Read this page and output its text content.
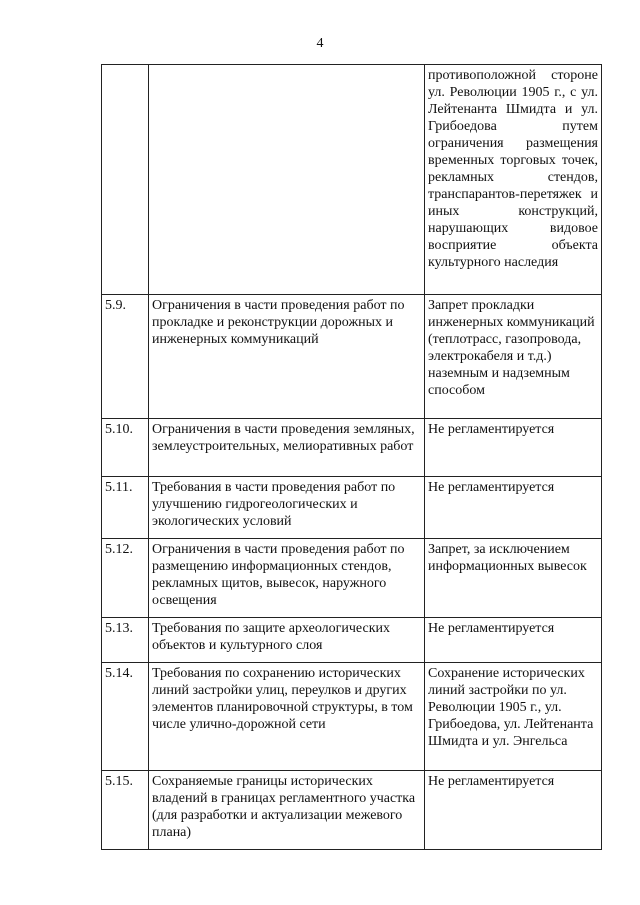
4
		противоположной стороне ул. Революции 1905 г., с ул. Лейтенанта Шмидта и ул. Грибоедова путем ограничения размещения временных торговых точек, рекламных стендов, транспарантов-перетяжек и иных конструкций, нарушающих видовое восприятие объекта культурного наследия
5.9.	Ограничения в части проведения работ по прокладке и реконструкции дорожных и инженерных коммуникаций	Запрет прокладки инженерных коммуникаций (теплотрасс, газопровода, электрокабеля и т.д.) наземным и надземным способом
5.10.	Ограничения в части проведения земляных, землеустроительных, мелиоративных работ	Не регламентируется
5.11.	Требования в части проведения работ по улучшению гидрогеологических и экологических условий	Не регламентируется
5.12.	Ограничения в части проведения работ по размещению информационных стендов, рекламных щитов, вывесок, наружного освещения	Запрет, за исключением информационных вывесок
5.13.	Требования по защите археологических объектов и культурного слоя	Не регламентируется
5.14.	Требования по сохранению исторических линий застройки улиц, переулков и других элементов планировочной структуры, в том числе улично-дорожной сети	Сохранение исторических линий застройки по ул. Революции 1905 г., ул. Грибоедова, ул. Лейтенанта Шмидта и ул. Энгельса
5.15.	Сохраняемые границы исторических владений в границах регламентного участка (для разработки и актуализации межевого плана)	Не регламентируется
